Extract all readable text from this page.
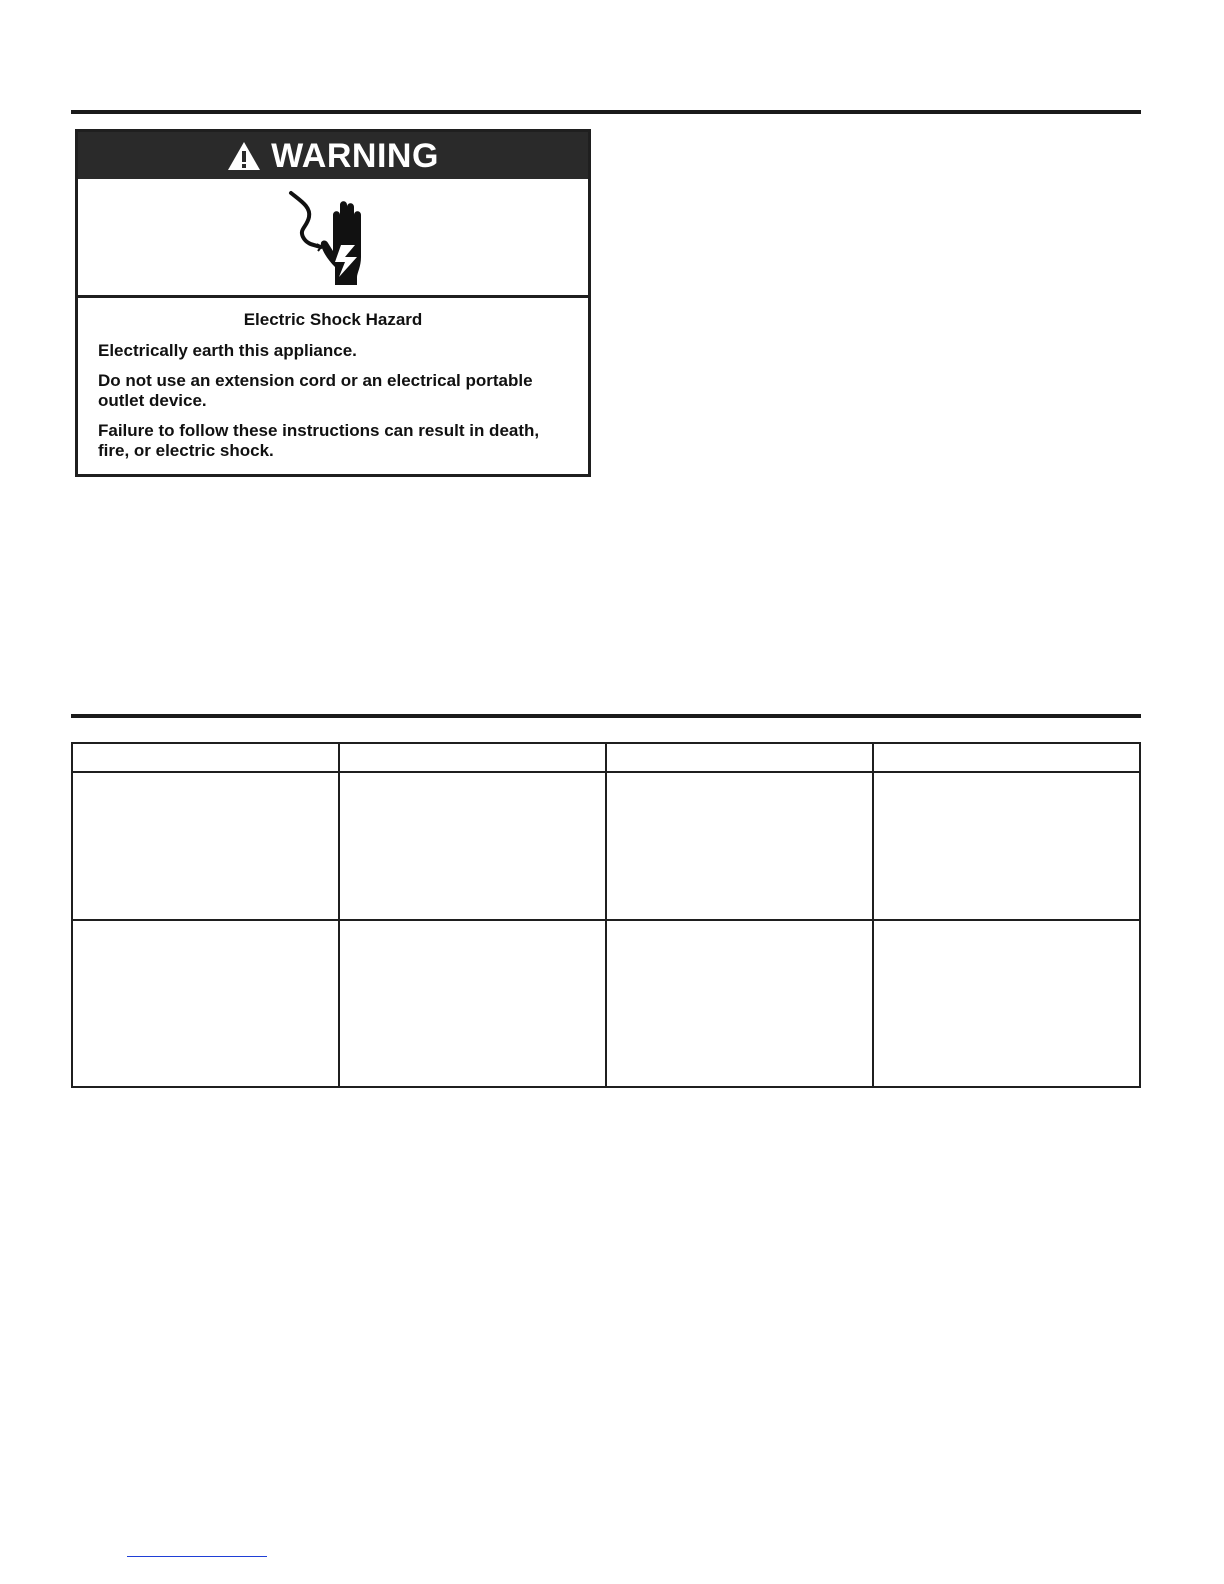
WARNING
Electric Shock Hazard

Electrically earth this appliance.

Do not use an extension cord or an electrical portable outlet device.

Failure to follow these instructions can result in death, fire, or electric shock.
